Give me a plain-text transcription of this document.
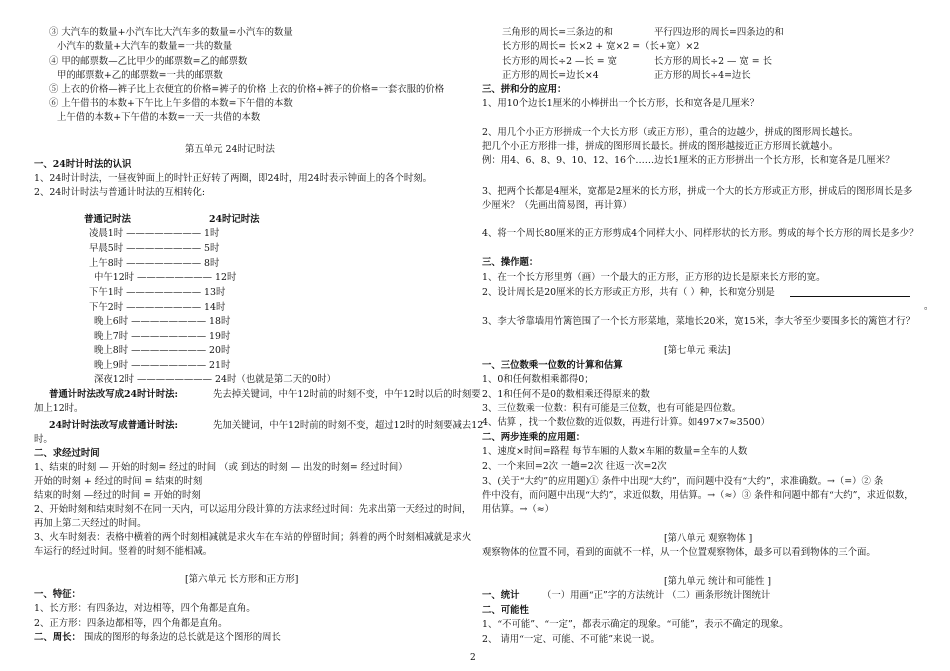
③ 大汽车的数量+小汽车比大汽车多的数量=小汽车的数量
小汽车的数量+大汽车的数量=一共的数量
④ 甲的邮票数—乙比甲少的邮票数=乙的邮票数
甲的邮票数+乙的邮票数=一共的邮票数
⑤ 上衣的价格—裤子比上衣便宜的价格=裤子的价格 上衣的价格+裤子的价格=一套衣服的价格
⑥ 上午借书的本数+下午比上午多借的本数=下午借的本数
上午借的本数+下午借的本数=一天一共借的本数
第五单元 24时记时法
一、24时计时法的认识
1、24时计时法，一昼夜钟面上的时针正好转了两圈，即24时，用24时表示钟面上的各个时刻。
2、24时计时法与普通计时法的互相转化:
普通记时法	24时记时法
凌晨1时 ———————— 1时
早晨5时 ———————— 5时
上午8时 ———————— 8时
中午12时 ———————— 12时
下午1时 ———————— 13时
下午2时 ———————— 14时
晚上6时 ———————— 18时
晚上7时 ———————— 19时
晚上8时 ———————— 20时
晚上9时 ———————— 21时
深夜12时 ———————— 24时（也就是第二天的0时）
普通计时法改写成24时计时法:	先去掉关键词，中午12时前的时刻不变，中午12时以后的时刻要
加上12时。
24时计时法改写成普通计时法:	先加关键词，中午12时前的时刻不变，超过12时的时刻要减去12
时。
二、求经过时间
1、结束的时刻 — 开始的时刻= 经过的时间 （或 到达的时刻 — 出发的时刻= 经过时间）
开始的时刻 + 经过的时间 = 结束的时刻
结束的时刻 —经过的时间 = 开始的时刻
2、开始时刻和结束时刻不在同一天内，可以运用分段计算的方法求经过时间：先求出第一天经过的时间，
再加上第二天经过的时间。
3、火车时刻表：表格中横着的两个时刻相减就是求火车在车站的停留时间；斜着的两个时刻相减就是求火
车运行的经过时间。竖着的时刻不能相减。
[第六单元 长方形和正方形]
一、特征：
1、长方形：有四条边，对边相等，四个角都是直角。
2、正方形：四条边都相等，四个角都是直角。
二、周长： 围成的图形的每条边的总长就是这个图形的周长
三角形的周长=三条边的和	平行四边形的周长=四条边的和
长方形的周长= 长×2 + 宽×2 =（长+宽）×2
长方形的周长÷2 —长 = 宽	长方形的周长÷2 — 宽 = 长
正方形的周长=边长×4	正方形的周长÷4=边长
三、拼和分的应用：
1、用10个边长1厘米的小棒拼出一个长方形，长和宽各是几厘米？
2、用几个小正方形拼成一个大长方形（或正方形），重合的边越少，拼成的图形周长越长。
把几个小正方形排一排，拼成的图形周长最长。拼成的图形越接近正方形周长就越小。
例：用4、6、8、9、10、12、16个……边长1厘米的正方形拼出一个长方形，长和宽各是几厘米？
3、把两个长都是4厘米，宽都是2厘米的长方形，拼成一个大的长方形或正方形，拼成后的图形周长是多
少厘米？（先画出简易图，再计算）
4、将一个周长80厘米的正方形剪成4个同样大小、同样形状的长方形。剪成的每个长方形的周长是多少？
三、操作题：
1、在一个长方形里剪（画）一个最大的正方形，正方形的边长是原来长方形的宽。
2、设计周长是20厘米的长方形或正方形，共有（ ）种，长和宽分别是
。
3、李大爷靠墙用竹篱笆围了一个长方形菜地，菜地长20米，宽15米，李大爷至少要围多长的篱笆才行？
[第七单元 乘法]
一、三位数乘一位数的计算和估算
1、0和任何数相乘都得0；
2、1和任何不是0的数相乘还得原来的数
3、三位数乘一位数：积有可能是三位数，也有可能是四位数。
4、估算 ，找一个数位数的近似数，再进行计算。如497×7≈3500）
二、两步连乘的应用题：
1、速度×时间=路程 每节车厢的人数×车厢的数量=全车的人数
2、一个来回=2次 一趟=2次 往返一次=2次
3、(关于“大约”的应用题)① 条件中出现“大约”，而问题中没有“大约”，求准确数。→（=）② 条
件中没有，而问题中出现“大约”，求近似数，用估算。→（≈）③ 条件和问题中都有“大约”，求近似数，
用估算。→（≈）
[第八单元 观察物体 ]
观察物体的位置不同，看到的面就不一样，从一个位置观察物体，最多可以看到物体的三个面。
[第九单元 统计和可能性 ]
一、统计 （一）用画“正”字的方法统计 （二）画条形统计图统计
二、可能性
1、“不可能”、“一定”，都表示确定的现象。“可能”，表示不确定的现象。
2、 请用“一定、可能、不可能”来说一说。
2
